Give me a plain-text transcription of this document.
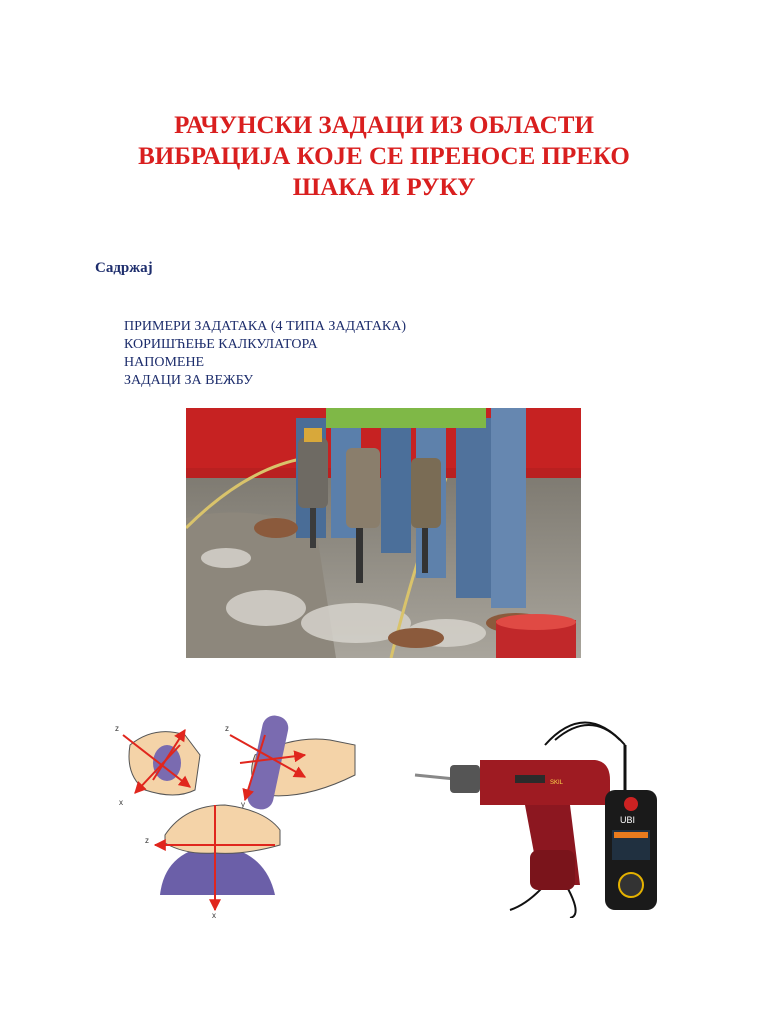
РАЧУНСКИ ЗАДАЦИ ИЗ ОБЛАСТИ
ВИБРАЦИЈА КОЈЕ СЕ ПРЕНОСЕ ПРЕКО
ШАКА И РУКУ
Садржај
ПРИМЕРИ ЗАДАТАКА (4 ТИПА ЗАДАТАКА)
КОРИШЋЕЊЕ КАЛКУЛАТОРА
НАПОМЕНЕ
ЗАДАЦИ ЗА ВЕЖБУ
z
x
z
y
z
x
SKIL
UBI
